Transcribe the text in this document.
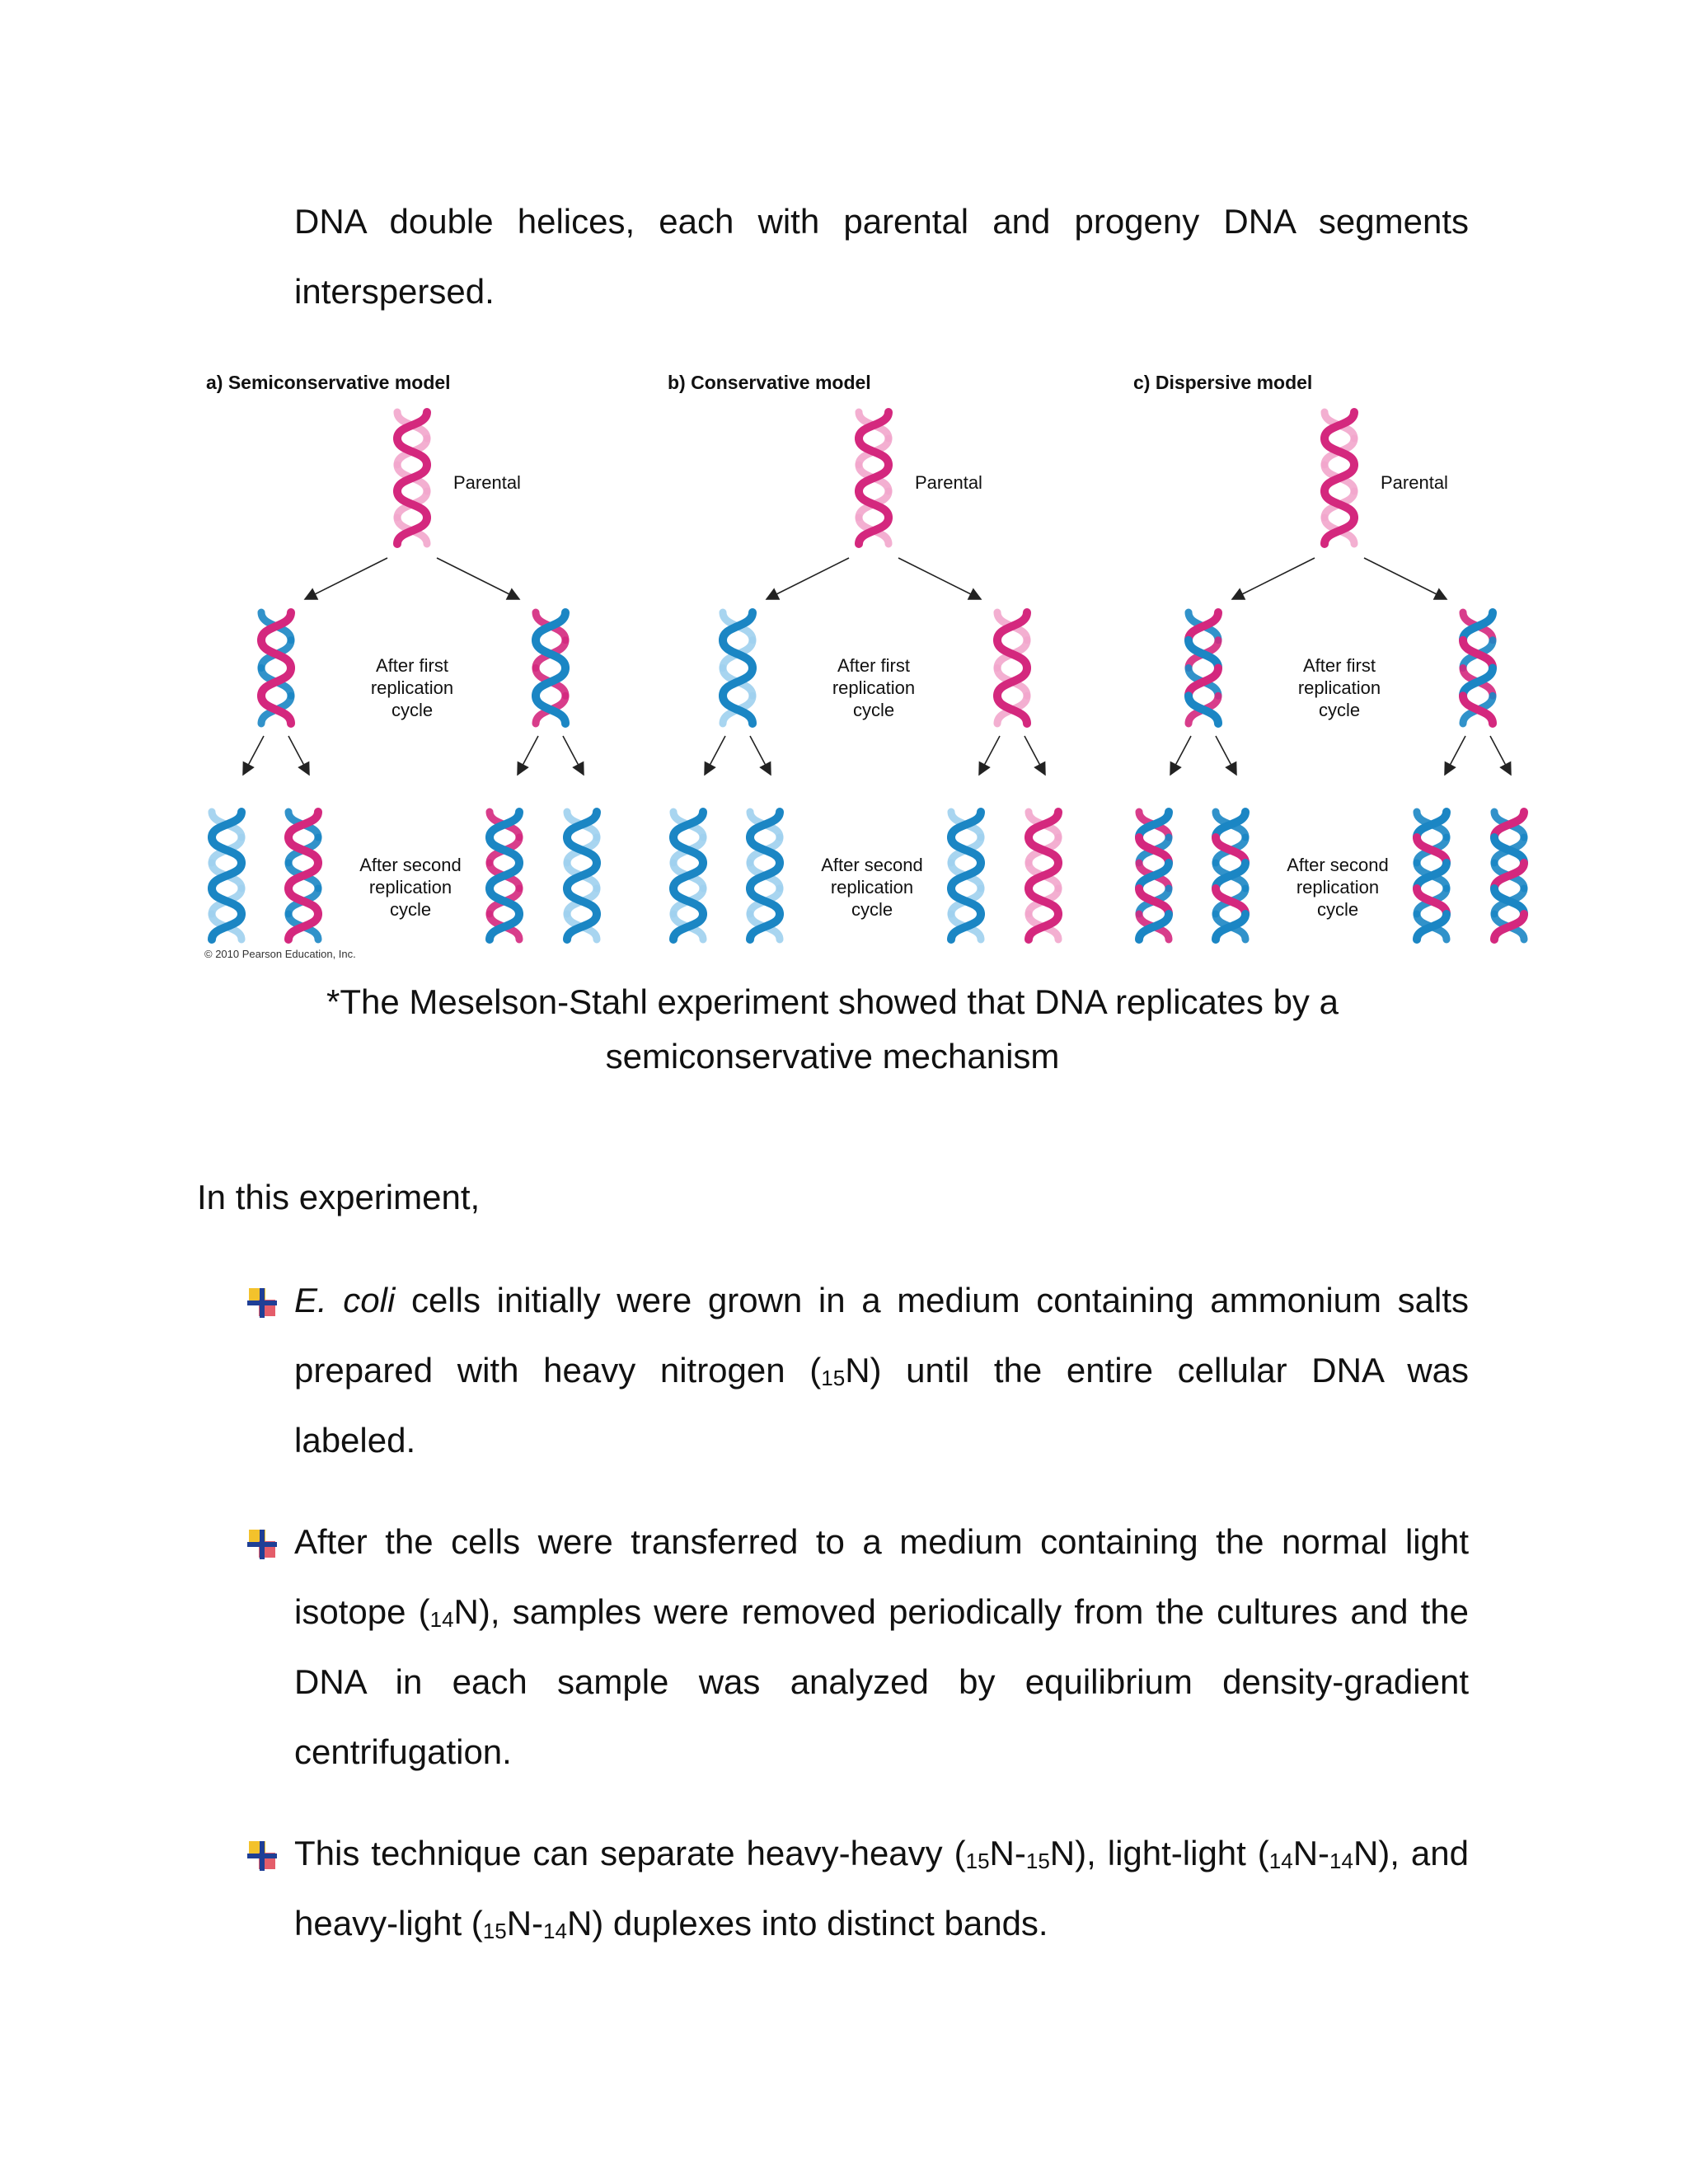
DNA double helices, each with parental and progeny DNA segments
interspersed.
a) Semiconservative model
Parental
After first
replication
cycle
After second
replication
cycle
b) Conservative model
Parental
After first
replication
cycle
After second
replication
cycle
c) Dispersive model
Parental
After first
replication
cycle
After second
replication
cycle
© 2010 Pearson Education, Inc.
*The Meselson-Stahl experiment showed that DNA replicates by a
semiconservative mechanism
In this experiment,
E. coli cells initially were grown in a medium containing ammonium salts
prepared with heavy nitrogen $(_{15}N)$ until the entire cellular DNA was
labeled.
After the cells were transferred to a medium containing the normal light
isotope $(_{14}N)$, samples were removed periodically from the cultures and the
DNA in each sample was analyzed by equilibrium density-gradient
centrifugation.
This technique can separate heavy-heavy $(_{15}N-_{15}N)$, light-light $(_{14}N-_{14}N)$, and
heavy-light $(_{15}N-_{14}N)$ duplexes into distinct bands.
